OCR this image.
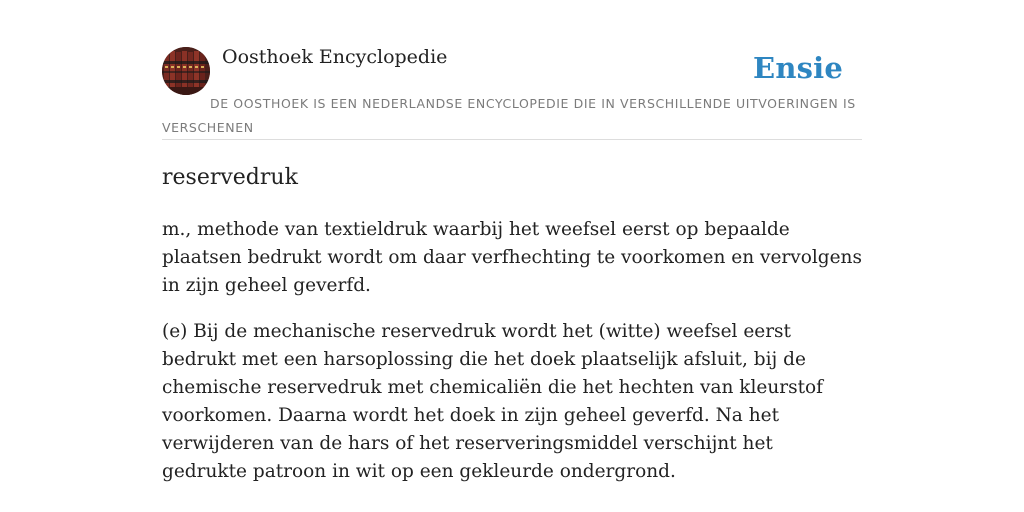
Oosthoek Encyclopedie	Ensie
DE OOSTHOEK IS EEN NEDERLANDSE ENCYCLOPEDIE DIE IN VERSCHILLENDE UITVOERINGEN IS VERSCHENEN
reservedruk

m., methode van textieldruk waarbij het weefsel eerst op bepaalde plaatsen bedrukt wordt om daar verfhechting te voorkomen en vervolgens in zijn geheel geverfd.

(e) Bij de mechanische reservedruk wordt het (witte) weefsel eerst bedrukt met een harsoplossing die het doek plaatselijk afsluit, bij de chemische reservedruk met chemicaliën die het hechten van kleurstof voorkomen. Daarna wordt het doek in zijn geheel geverfd. Na het verwijderen van de hars of het reserveringsmiddel verschijnt het gedrukte patroon in wit op een gekleurde ondergrond.
